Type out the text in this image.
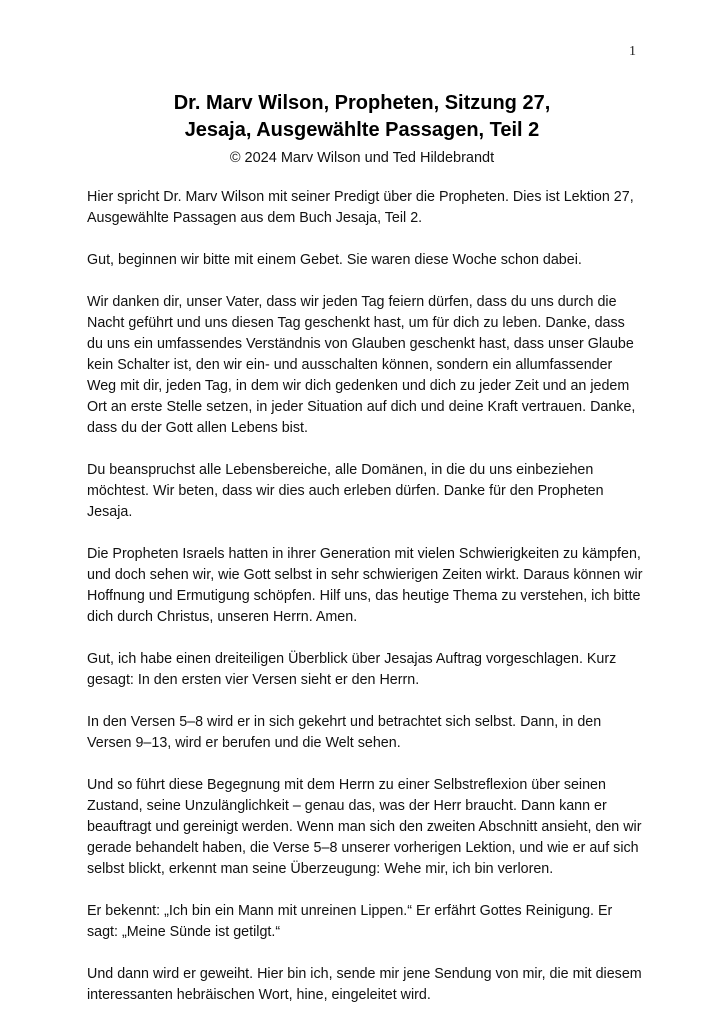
1
Dr. Marv Wilson, Propheten, Sitzung 27,
Jesaja, Ausgewählte Passagen, Teil 2
© 2024 Marv Wilson und Ted Hildebrandt

Hier spricht Dr. Marv Wilson mit seiner Predigt über die Propheten. Dies ist Lektion 27, Ausgewählte Passagen aus dem Buch Jesaja, Teil 2.

Gut, beginnen wir bitte mit einem Gebet. Sie waren diese Woche schon dabei.

Wir danken dir, unser Vater, dass wir jeden Tag feiern dürfen, dass du uns durch die Nacht geführt und uns diesen Tag geschenkt hast, um für dich zu leben. Danke, dass du uns ein umfassendes Verständnis von Glauben geschenkt hast, dass unser Glaube kein Schalter ist, den wir ein- und ausschalten können, sondern ein allumfassender Weg mit dir, jeden Tag, in dem wir dich gedenken und dich zu jeder Zeit und an jedem Ort an erste Stelle setzen, in jeder Situation auf dich und deine Kraft vertrauen. Danke, dass du der Gott allen Lebens bist.

Du beanspruchst alle Lebensbereiche, alle Domänen, in die du uns einbeziehen möchtest. Wir beten, dass wir dies auch erleben dürfen. Danke für den Propheten Jesaja.

Die Propheten Israels hatten in ihrer Generation mit vielen Schwierigkeiten zu kämpfen, und doch sehen wir, wie Gott selbst in sehr schwierigen Zeiten wirkt. Daraus können wir Hoffnung und Ermutigung schöpfen. Hilf uns, das heutige Thema zu verstehen, ich bitte dich durch Christus, unseren Herrn. Amen.

Gut, ich habe einen dreiteiligen Überblick über Jesajas Auftrag vorgeschlagen. Kurz gesagt: In den ersten vier Versen sieht er den Herrn.

In den Versen 5–8 wird er in sich gekehrt und betrachtet sich selbst. Dann, in den Versen 9–13, wird er berufen und die Welt sehen.

Und so führt diese Begegnung mit dem Herrn zu einer Selbstreflexion über seinen Zustand, seine Unzulänglichkeit – genau das, was der Herr braucht. Dann kann er beauftragt und gereinigt werden. Wenn man sich den zweiten Abschnitt ansieht, den wir gerade behandelt haben, die Verse 5–8 unserer vorherigen Lektion, und wie er auf sich selbst blickt, erkennt man seine Überzeugung: Wehe mir, ich bin verloren.

Er bekennt: „Ich bin ein Mann mit unreinen Lippen.“ Er erfährt Gottes Reinigung. Er sagt: „Meine Sünde ist getilgt.“

Und dann wird er geweiht. Hier bin ich, sende mir jene Sendung von mir, die mit diesem interessanten hebräischen Wort, hine, eingeleitet wird.
